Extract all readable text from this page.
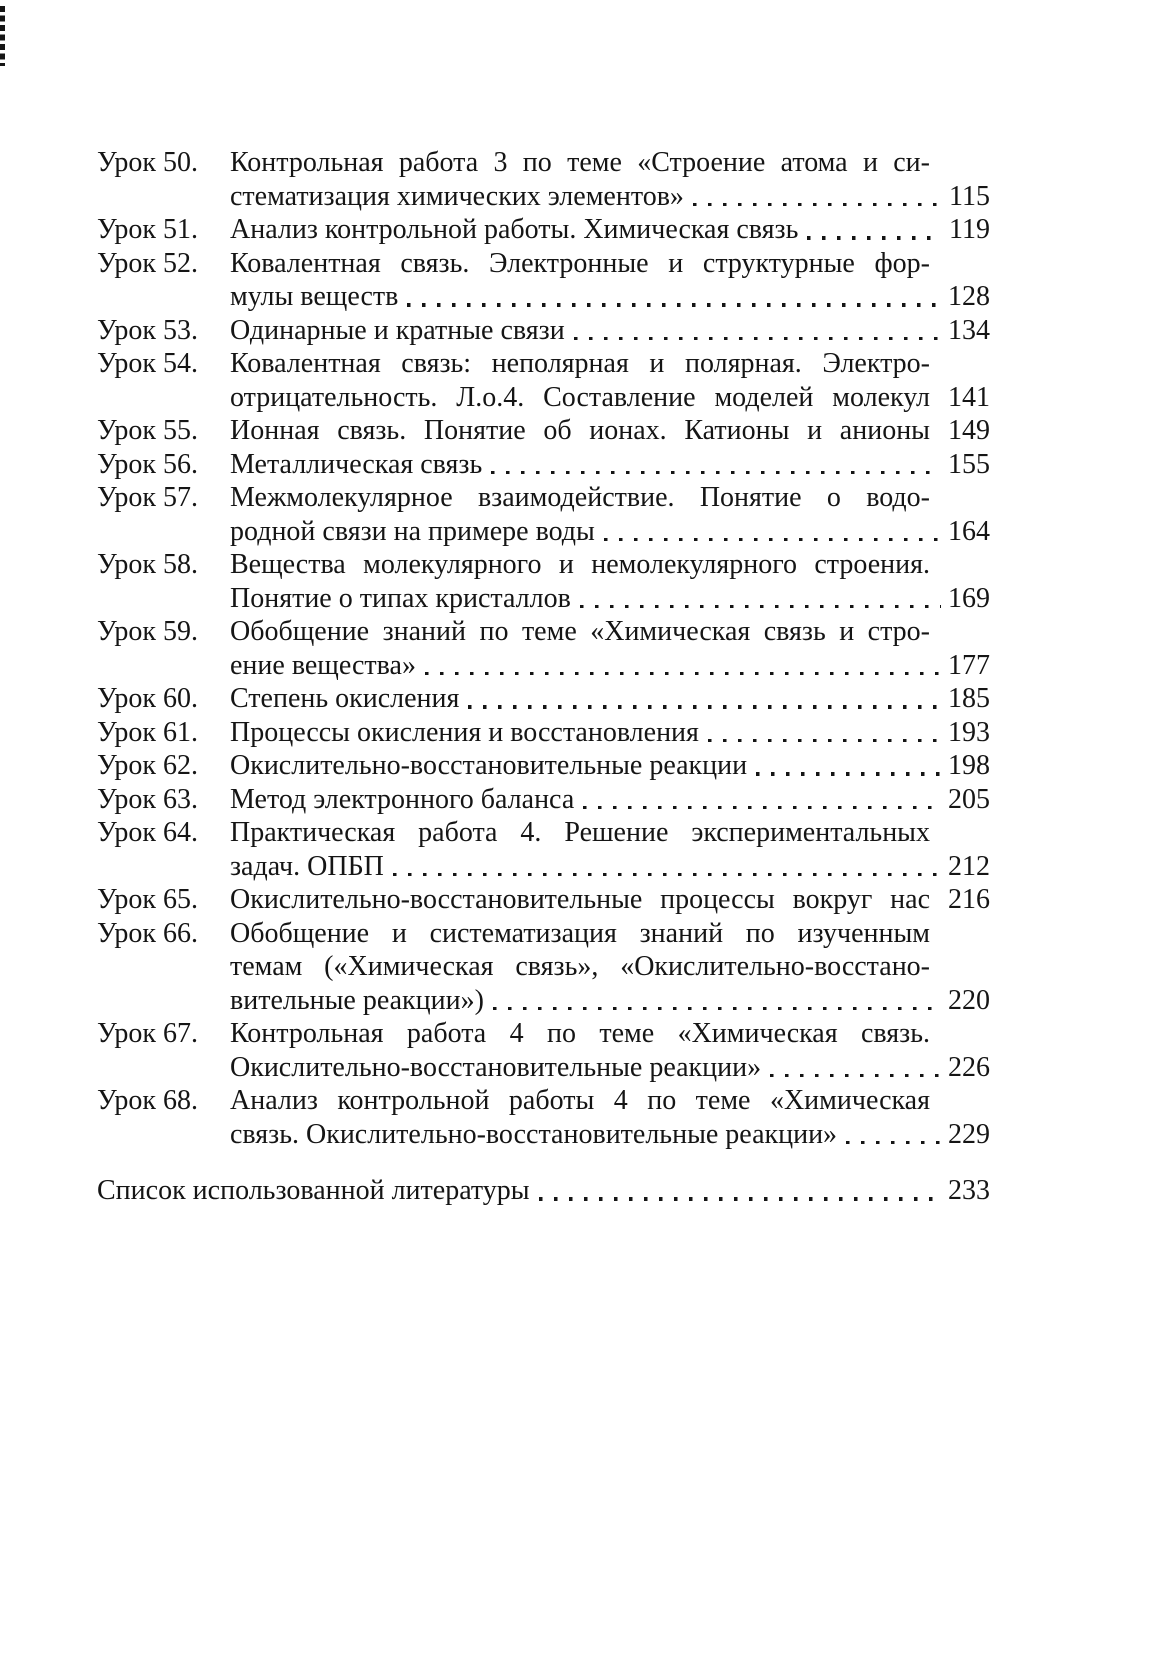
Урок 50.	Контрольная работа 3 по теме «Строение атома и си-
стематизация химических элементов»	115
Урок 51.	Анализ контрольной работы. Химическая связь	119
Урок 52.	Ковалентная связь. Электронные и структурные фор-
мулы веществ	128
Урок 53.	Одинарные и кратные связи	134
Урок 54.	Ковалентная связь: неполярная и полярная. Электро-
отрицательность. Л.о.4. Составление моделей молекул 141
Урок 55.	Ионная связь. Понятие об ионах. Катионы и анионы 149
Урок 56.	Металлическая связь	155
Урок 57.	Межмолекулярное взаимодействие. Понятие о водо-
родной связи на примере воды	164
Урок 58.	Вещества молекулярного и немолекулярного строения.
Понятие о типах кристаллов	169
Урок 59.	Обобщение знаний по теме «Химическая связь и стро-
ение вещества»	177
Урок 60.	Степень окисления	185
Урок 61.	Процессы окисления и восстановления	193
Урок 62.	Окислительно-восстановительные реакции	198
Урок 63.	Метод электронного баланса	205
Урок 64.	Практическая работа 4. Решение экспериментальных
задач. ОПБП	212
Урок 65.	Окислительно-восстановительные процессы вокруг нас 216
Урок 66.	Обобщение и систематизация знаний по изученным
темам («Химическая связь», «Окислительно-восстано-
вительные реакции»)	220
Урок 67.	Контрольная работа 4 по теме «Химическая связь.
Окислительно-восстановительные реакции»	226
Урок 68.	Анализ контрольной работы 4 по теме «Химическая
связь. Окислительно-восстановительные реакции»	229
Список использованной литературы	233
